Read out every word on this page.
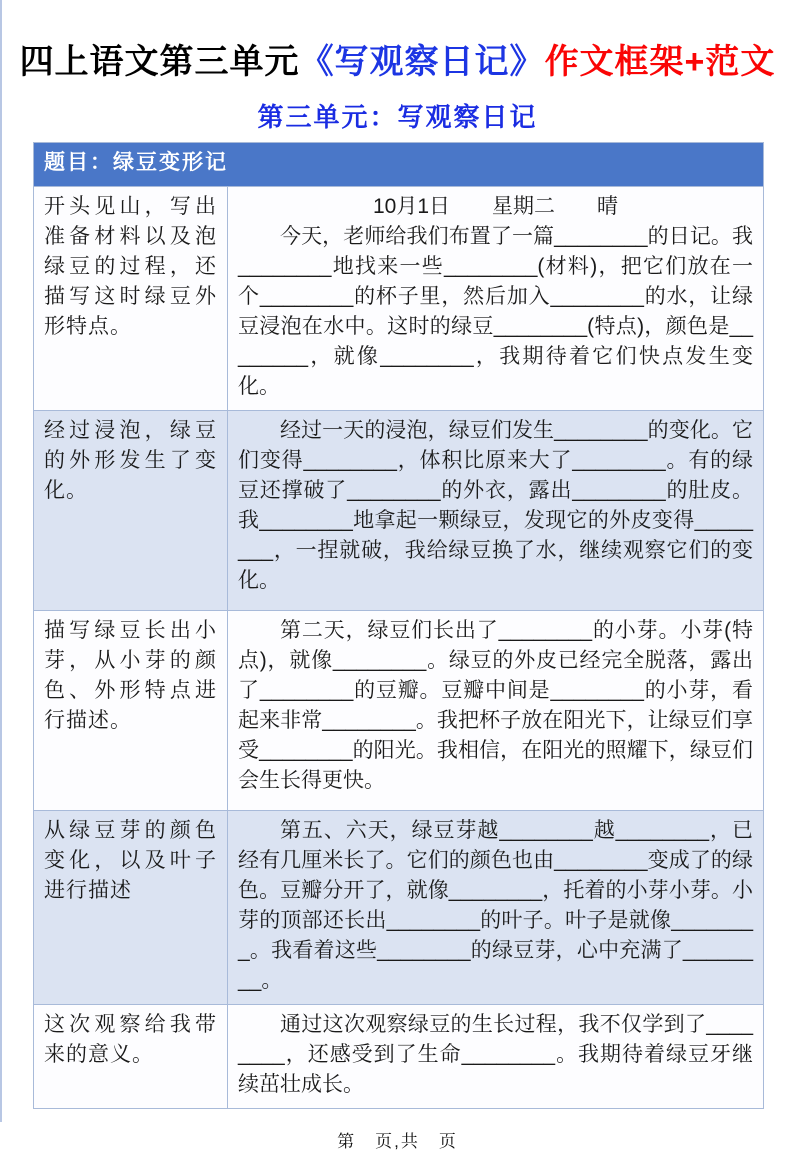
四上语文第三单元《写观察日记》作文框架+范文
第三单元：写观察日记
题目：绿豆变形记	
开头见山，写出准备材料以及泡绿豆的过程，还描写这时绿豆外形特点。	10月1日　　星期二　　晴
今天，老师给我们布置了一篇________的日记。我________地找来一些________(材料)，把它们放在一个________的杯子里，然后加入________的水，让绿豆浸泡在水中。这时的绿豆________(特点)，颜色是________，就像________，我期待着它们快点发生变化。

经过浸泡，绿豆的外形发生了变化。	经过一天的浸泡，绿豆们发生________的变化。它们变得________，体积比原来大了________。有的绿豆还撑破了________的外衣，露出________的肚皮。我________地拿起一颗绿豆，发现它的外皮变得________，一捏就破，我给绿豆换了水，继续观察它们的变化。

描写绿豆长出小芽，从小芽的颜色、外形特点进行描述。	第二天，绿豆们长出了________的小芽。小芽(特点)，就像________。绿豆的外皮已经完全脱落，露出了________的豆瓣。豆瓣中间是________的小芽，看起来非常________。我把杯子放在阳光下，让绿豆们享受________的阳光。我相信，在阳光的照耀下，绿豆们会生长得更快。

从绿豆芽的颜色变化，以及叶子进行描述	第五、六天，绿豆芽越________越________，已经有几厘米长了。它们的颜色也由________变成了的绿色。豆瓣分开了，就像________，托着的小芽小芽。小芽的顶部还长出________的叶子。叶子是就像________。我看着这些________的绿豆芽，心中充满了________。

这次观察给我带来的意义。	通过这次观察绿豆的生长过程，我不仅学到了________，还感受到了生命________。我期待着绿豆牙继续茁壮成长。
第　页,共　页
